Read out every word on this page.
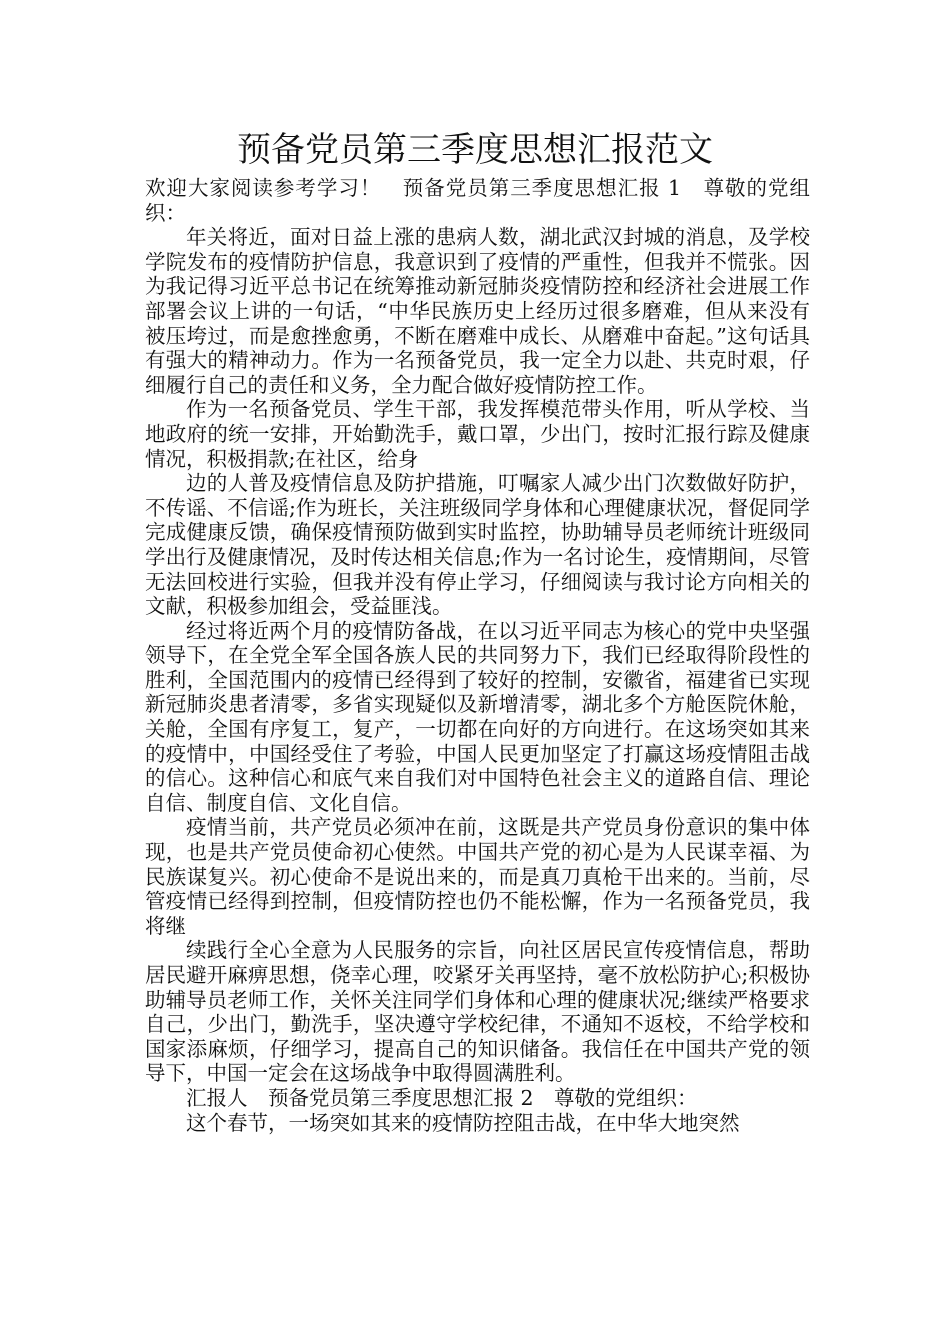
预备党员第三季度思想汇报范文

欢迎大家阅读参考学习！　预备党员第三季度思想汇报 1　尊敬的党组织：

年关将近，面对日益上涨的患病人数，湖北武汉封城的消息，及学校学院发布的疫情防护信息，我意识到了疫情的严重性，但我并不慌张。因为我记得习近平总书记在统筹推动新冠肺炎疫情防控和经济社会进展工作部署会议上讲的一句话，“中华民族历史上经历过很多磨难，但从来没有被压垮过，而是愈挫愈勇，不断在磨难中成长、从磨难中奋起。”这句话具有强大的精神动力。作为一名预备党员，我一定全力以赴、共克时艰，仔细履行自己的责任和义务，全力配合做好疫情防控工作。

作为一名预备党员、学生干部，我发挥模范带头作用，听从学校、当地政府的统一安排，开始勤洗手，戴口罩，少出门，按时汇报行踪及健康情况，积极捐款;在社区，给身

边的人普及疫情信息及防护措施，叮嘱家人减少出门次数做好防护，不传谣、不信谣;作为班长，关注班级同学身体和心理健康状况，督促同学完成健康反馈，确保疫情预防做到实时监控，协助辅导员老师统计班级同学出行及健康情况，及时传达相关信息;作为一名讨论生，疫情期间，尽管无法回校进行实验，但我并没有停止学习，仔细阅读与我讨论方向相关的文献，积极参加组会，受益匪浅。

经过将近两个月的疫情防备战，在以习近平同志为核心的党中央坚强领导下，在全党全军全国各族人民的共同努力下，我们已经取得阶段性的胜利，全国范围内的疫情已经得到了较好的控制，安徽省，福建省已实现新冠肺炎患者清零，多省实现疑似及新增清零，湖北多个方舱医院休舱，关舱，全国有序复工，复产，一切都在向好的方向进行。在这场突如其来的疫情中，中国经受住了考验，中国人民更加坚定了打赢这场疫情阻击战的信心。这种信心和底气来自我们对中国特色社会主义的道路自信、理论自信、制度自信、文化自信。

疫情当前，共产党员必须冲在前，这既是共产党员身份意识的集中体现，也是共产党员使命初心使然。中国共产党的初心是为人民谋幸福、为民族谋复兴。初心使命不是说出来的，而是真刀真枪干出来的。当前，尽管疫情已经得到控制，但疫情防控也仍不能松懈，作为一名预备党员，我将继

续践行全心全意为人民服务的宗旨，向社区居民宣传疫情信息，帮助居民避开麻痹思想，侥幸心理，咬紧牙关再坚持，毫不放松防护心;积极协助辅导员老师工作，关怀关注同学们身体和心理的健康状况;继续严格要求自己，少出门，勤洗手，坚决遵守学校纪律，不通知不返校，不给学校和国家添麻烦，仔细学习，提高自己的知识储备。我信任在中国共产党的领导下，中国一定会在这场战争中取得圆满胜利。

汇报人　预备党员第三季度思想汇报 2　尊敬的党组织：

这个春节，一场突如其来的疫情防控阻击战，在中华大地突然
